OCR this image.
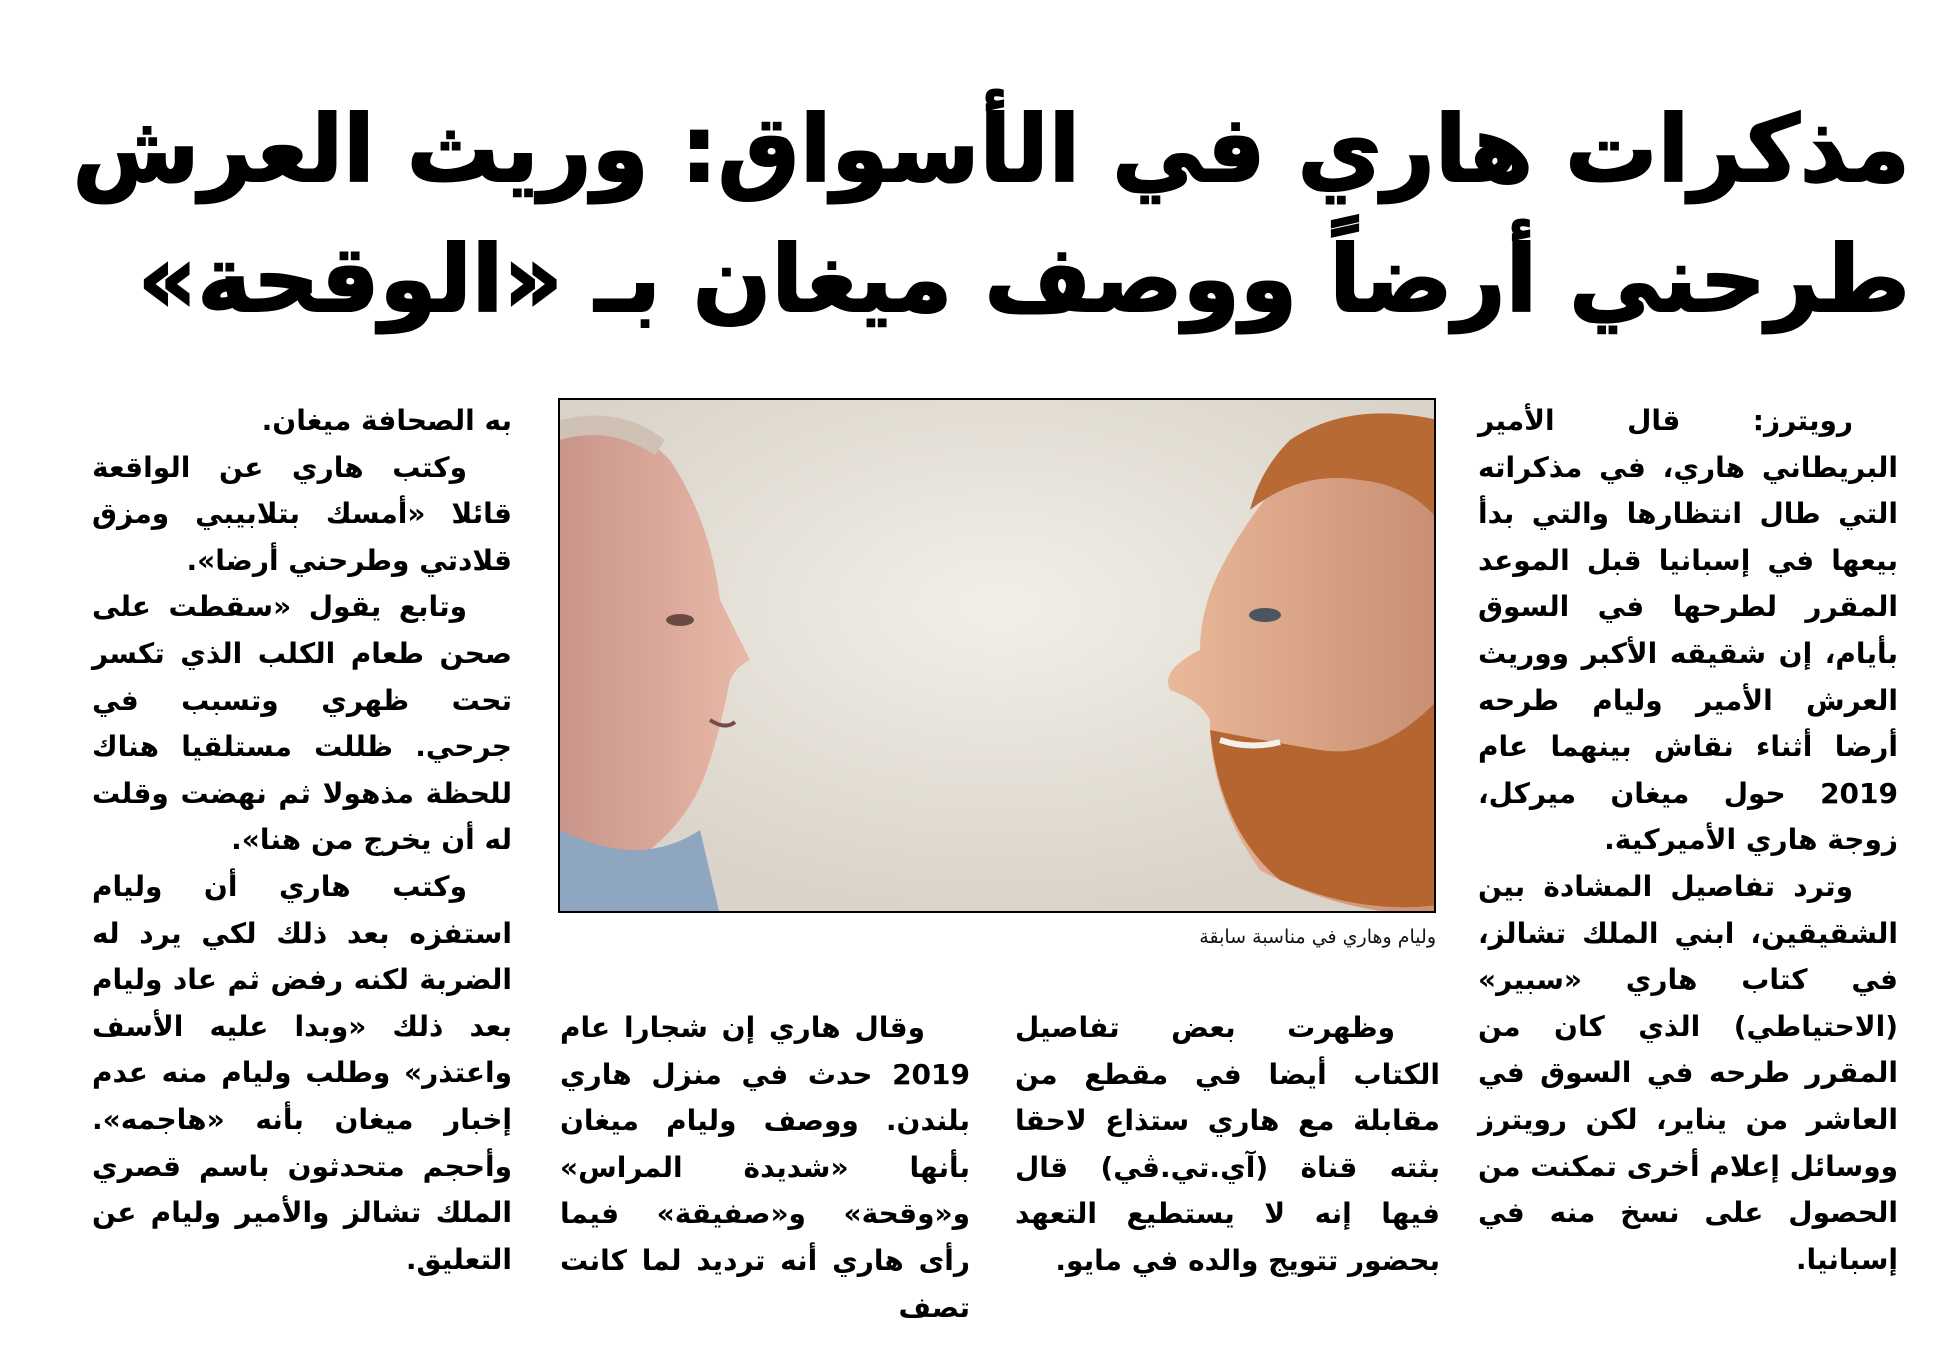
مذكرات هاري في الأسواق: وريث العرش
طرحني أرضاً ووصف ميغان بـ «الوقحة»

رويترز: قال الأمير البريطاني هاري، في مذكراته التي طال انتظارها والتي بدأ بيعها في إسبانيا قبل الموعد المقرر لطرحها في السوق بأيام، إن شقيقه الأكبر ووريث العرش الأمير وليام طرحه أرضا أثناء نقاش بينهما عام 2019 حول ميغان ميركل، زوجة هاري الأميركية.

وترد تفاصيل المشادة بين الشقيقين، ابني الملك تشالز، في كتاب هاري «سبير» (الاحتياطي) الذي كان من المقرر طرحه في السوق في العاشر من يناير، لكن رويترز ووسائل إعلام أخرى تمكنت من الحصول على نسخ منه في إسبانيا.

وليام وهاري في مناسبة سابقة

وظهرت بعض تفاصيل الكتاب أيضا في مقطع من مقابلة مع هاري ستذاع لاحقا بثته قناة (آي.تي.ڤي) قال فيها إنه لا يستطيع التعهد بحضور تتويج والده في مايو.

وقال هاري إن شجارا عام 2019 حدث في منزل هاري بلندن. ووصف وليام ميغان بأنها «شديدة المراس» و«وقحة» و«صفيقة» فيما رأى هاري أنه ترديد لما كانت تصف

به الصحافة ميغان.

وكتب هاري عن الواقعة قائلا «أمسك بتلابيبي ومزق قلادتي وطرحني أرضا».

وتابع يقول «سقطت على صحن طعام الكلب الذي تكسر تحت ظهري وتسبب في جرحي. ظللت مستلقيا هناك للحظة مذهولا ثم نهضت وقلت له أن يخرج من هنا».

وكتب هاري أن وليام استفزه بعد ذلك لكي يرد له الضربة لكنه رفض ثم عاد وليام بعد ذلك «وبدا عليه الأسف واعتذر» وطلب وليام منه عدم إخبار ميغان بأنه «هاجمه». وأحجم متحدثون باسم قصري الملك تشالز والأمير وليام عن التعليق.
